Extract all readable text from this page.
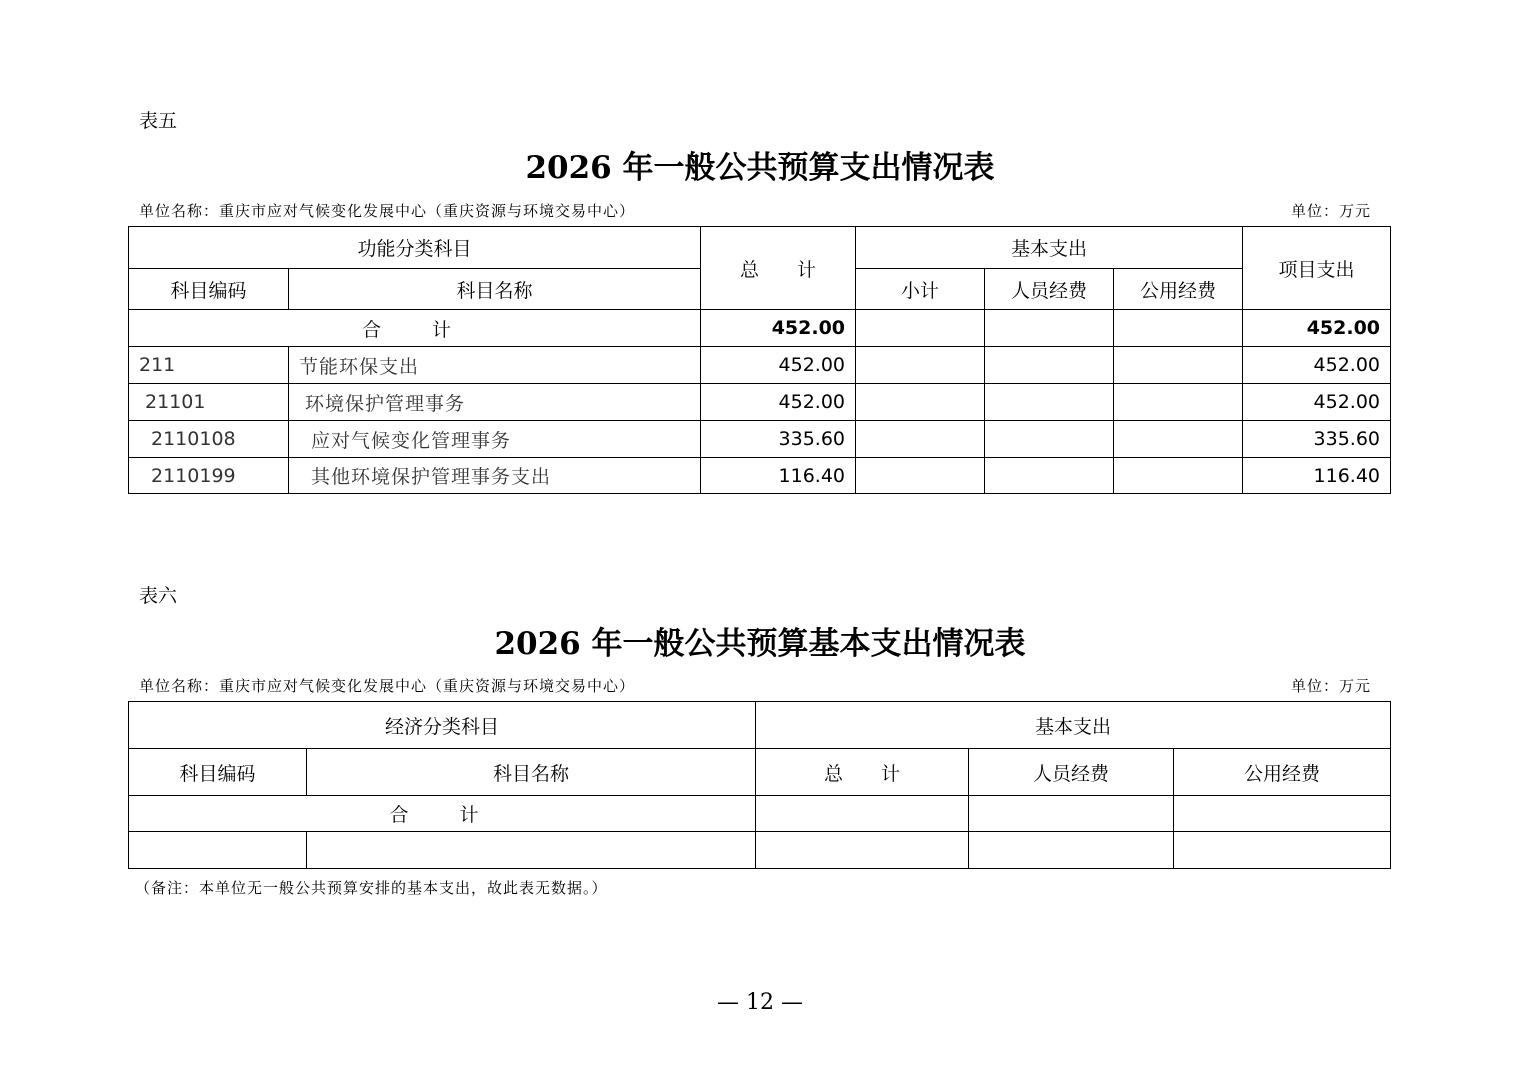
表五
2026 年一般公共预算支出情况表
单位名称：重庆市应对气候变化发展中心（重庆资源与环境交易中心）	单位：万元
功能分类科目		总　　计	基本支出			项目支出
科目编码	科目名称		小计	人员经费	公用经费	
合　计		452.00				452.00
211	节能环保支出	452.00				452.00
21101	环境保护管理事务	452.00				452.00
2110108	应对气候变化管理事务	335.60				335.60
2110199	其他环境保护管理事务支出	116.40				116.40
表六
2026 年一般公共预算基本支出情况表
单位名称：重庆市应对气候变化发展中心（重庆资源与环境交易中心）	单位：万元
经济分类科目		基本支出		
科目编码	科目名称	总　　计	人员经费	公用经费
合　计				

（备注：本单位无一般公共预算安排的基本支出，故此表无数据。）
— 12 —
